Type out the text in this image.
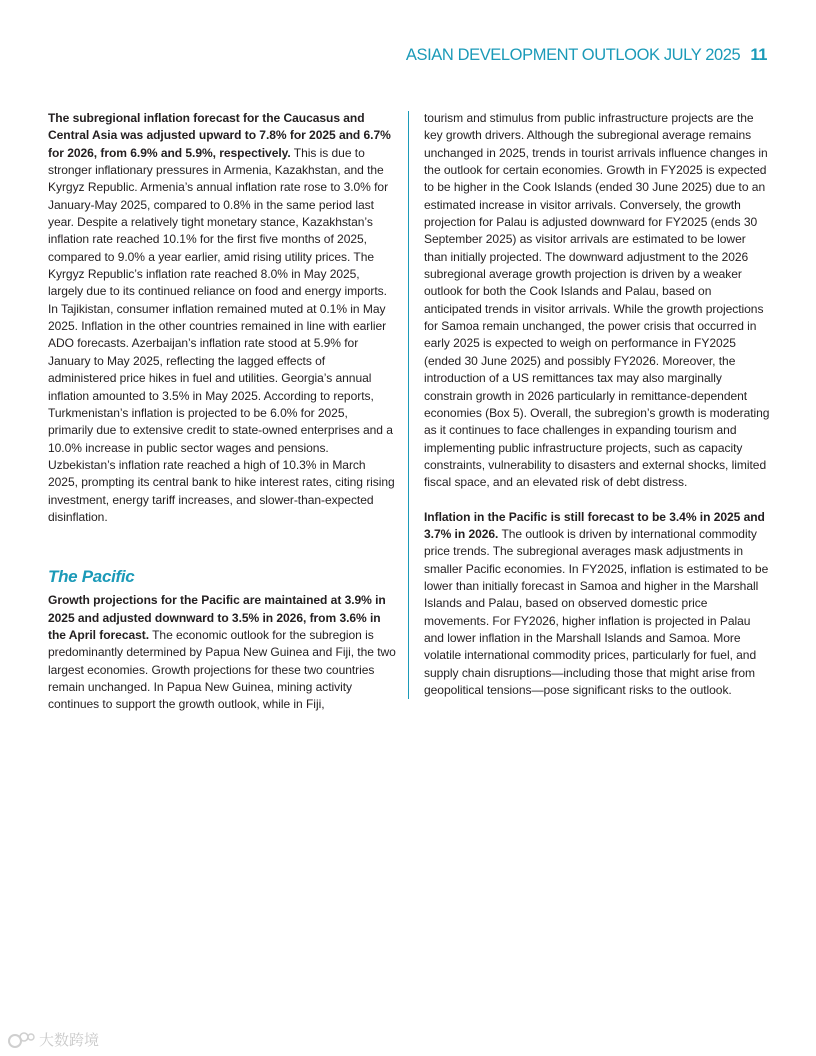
ASIAN DEVELOPMENT OUTLOOK JULY 2025 11

The subregional inflation forecast for the Caucasus and Central Asia was adjusted upward to 7.8% for 2025 and 6.7% for 2026, from 6.9% and 5.9%, respectively. This is due to stronger inflationary pressures in Armenia, Kazakhstan, and the Kyrgyz Republic. Armenia’s annual inflation rate rose to 3.0% for January-May 2025, compared to 0.8% in the same period last year. Despite a relatively tight monetary stance, Kazakhstan’s inflation rate reached 10.1% for the first five months of 2025, compared to 9.0% a year earlier, amid rising utility prices. The Kyrgyz Republic’s inflation rate reached 8.0% in May 2025, largely due to its continued reliance on food and energy imports. In Tajikistan, consumer inflation remained muted at 0.1% in May 2025. Inflation in the other countries remained in line with earlier ADO forecasts. Azerbaijan’s inflation rate stood at 5.9% for January to May 2025, reflecting the lagged effects of administered price hikes in fuel and utilities. Georgia’s annual inflation amounted to 3.5% in May 2025. According to reports, Turkmenistan’s inflation is projected to be 6.0% for 2025, primarily due to extensive credit to state-owned enterprises and a 10.0% increase in public sector wages and pensions. Uzbekistan’s inflation rate reached a high of 10.3% in March 2025, prompting its central bank to hike interest rates, citing rising investment, energy tariff increases, and slower-than-expected disinflation.

The Pacific

Growth projections for the Pacific are maintained at 3.9% in 2025 and adjusted downward to 3.5% in 2026, from 3.6% in the April forecast. The economic outlook for the subregion is predominantly determined by Papua New Guinea and Fiji, the two largest economies. Growth projections for these two countries remain unchanged. In Papua New Guinea, mining activity continues to support the growth outlook, while in Fiji,

tourism and stimulus from public infrastructure projects are the key growth drivers. Although the subregional average remains unchanged in 2025, trends in tourist arrivals influence changes in the outlook for certain economies. Growth in FY2025 is expected to be higher in the Cook Islands (ended 30 June 2025) due to an estimated increase in visitor arrivals. Conversely, the growth projection for Palau is adjusted downward for FY2025 (ends 30 September 2025) as visitor arrivals are estimated to be lower than initially projected. The downward adjustment to the 2026 subregional average growth projection is driven by a weaker outlook for both the Cook Islands and Palau, based on anticipated trends in visitor arrivals. While the growth projections for Samoa remain unchanged, the power crisis that occurred in early 2025 is expected to weigh on performance in FY2025 (ended 30 June 2025) and possibly FY2026. Moreover, the introduction of a US remittances tax may also marginally constrain growth in 2026 particularly in remittance-dependent economies (Box 5). Overall, the subregion’s growth is moderating as it continues to face challenges in expanding tourism and implementing public infrastructure projects, such as capacity constraints, vulnerability to disasters and external shocks, limited fiscal space, and an elevated risk of debt distress.

Inflation in the Pacific is still forecast to be 3.4% in 2025 and 3.7% in 2026. The outlook is driven by international commodity price trends. The subregional averages mask adjustments in smaller Pacific economies. In FY2025, inflation is estimated to be lower than initially forecast in Samoa and higher in the Marshall Islands and Palau, based on observed domestic price movements. For FY2026, higher inflation is projected in Palau and lower inflation in the Marshall Islands and Samoa. More volatile international commodity prices, particularly for fuel, and supply chain disruptions—including those that might arise from geopolitical tensions—pose significant risks to the outlook.

大数跨境
